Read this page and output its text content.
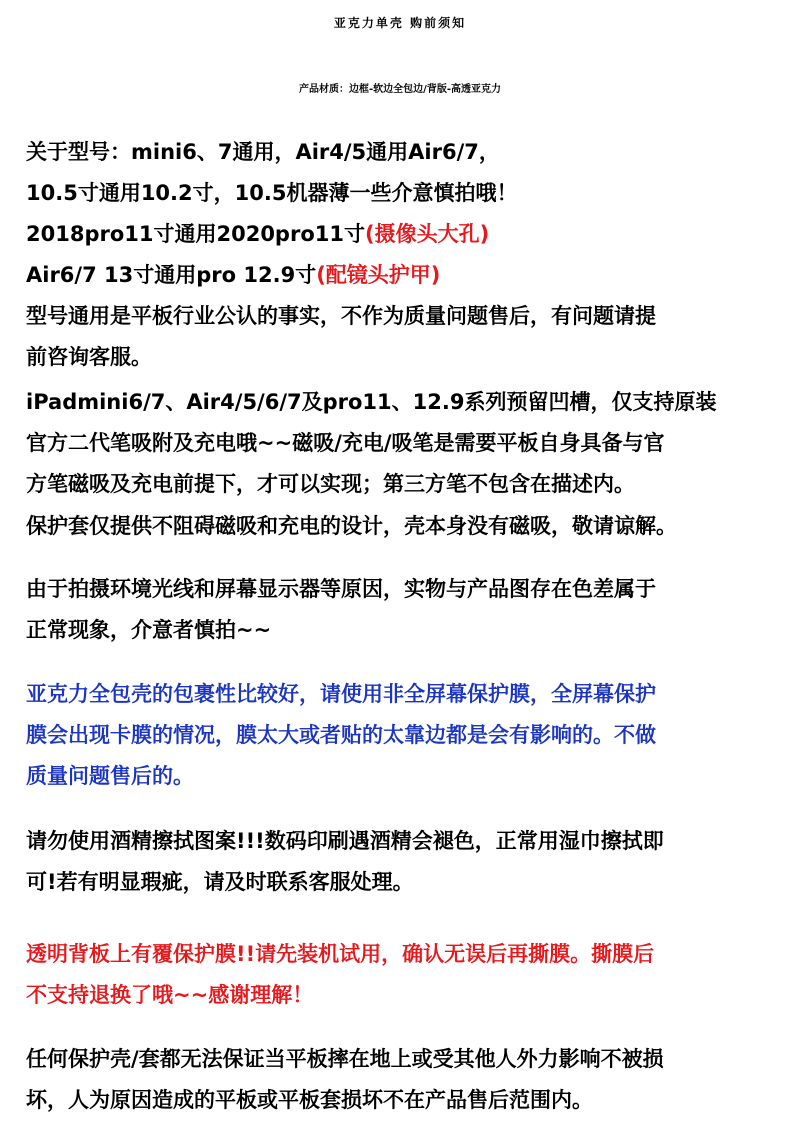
亚克力单壳 购前须知
产品材质：边框-软边全包边/背版-高透亚克力
关于型号：mini6、7通用，Air4/5通用Air6/7，
10.5寸通用10.2寸，10.5机器薄一些介意慎拍哦！
2018pro11寸通用2020pro11寸(摄像头大孔)
Air6/7 13寸通用pro 12.9寸(配镜头护甲)
型号通用是平板行业公认的事实，不作为质量问题售后，有问题请提
前咨询客服。
iPadmini6/7、Air4/5/6/7及pro11、12.9系列预留凹槽，仅支持原装
官方二代笔吸附及充电哦~~磁吸/充电/吸笔是需要平板自身具备与官
方笔磁吸及充电前提下，才可以实现；第三方笔不包含在描述内。
保护套仅提供不阻碍磁吸和充电的设计，壳本身没有磁吸，敬请谅解。
由于拍摄环境光线和屏幕显示器等原因，实物与产品图存在色差属于
正常现象，介意者慎拍~~
亚克力全包壳的包裹性比较好，请使用非全屏幕保护膜，全屏幕保护
膜会出现卡膜的情况，膜太大或者贴的太靠边都是会有影响的。不做
质量问题售后的。
请勿使用酒精擦拭图案!!!数码印刷遇酒精会褪色，正常用湿巾擦拭即
可!若有明显瑕疵，请及时联系客服处理。
透明背板上有覆保护膜!!请先装机试用，确认无误后再撕膜。撕膜后
不支持退换了哦~~感谢理解！
任何保护壳/套都无法保证当平板摔在地上或受其他人外力影响不被损
坏，人为原因造成的平板或平板套损坏不在产品售后范围内。
